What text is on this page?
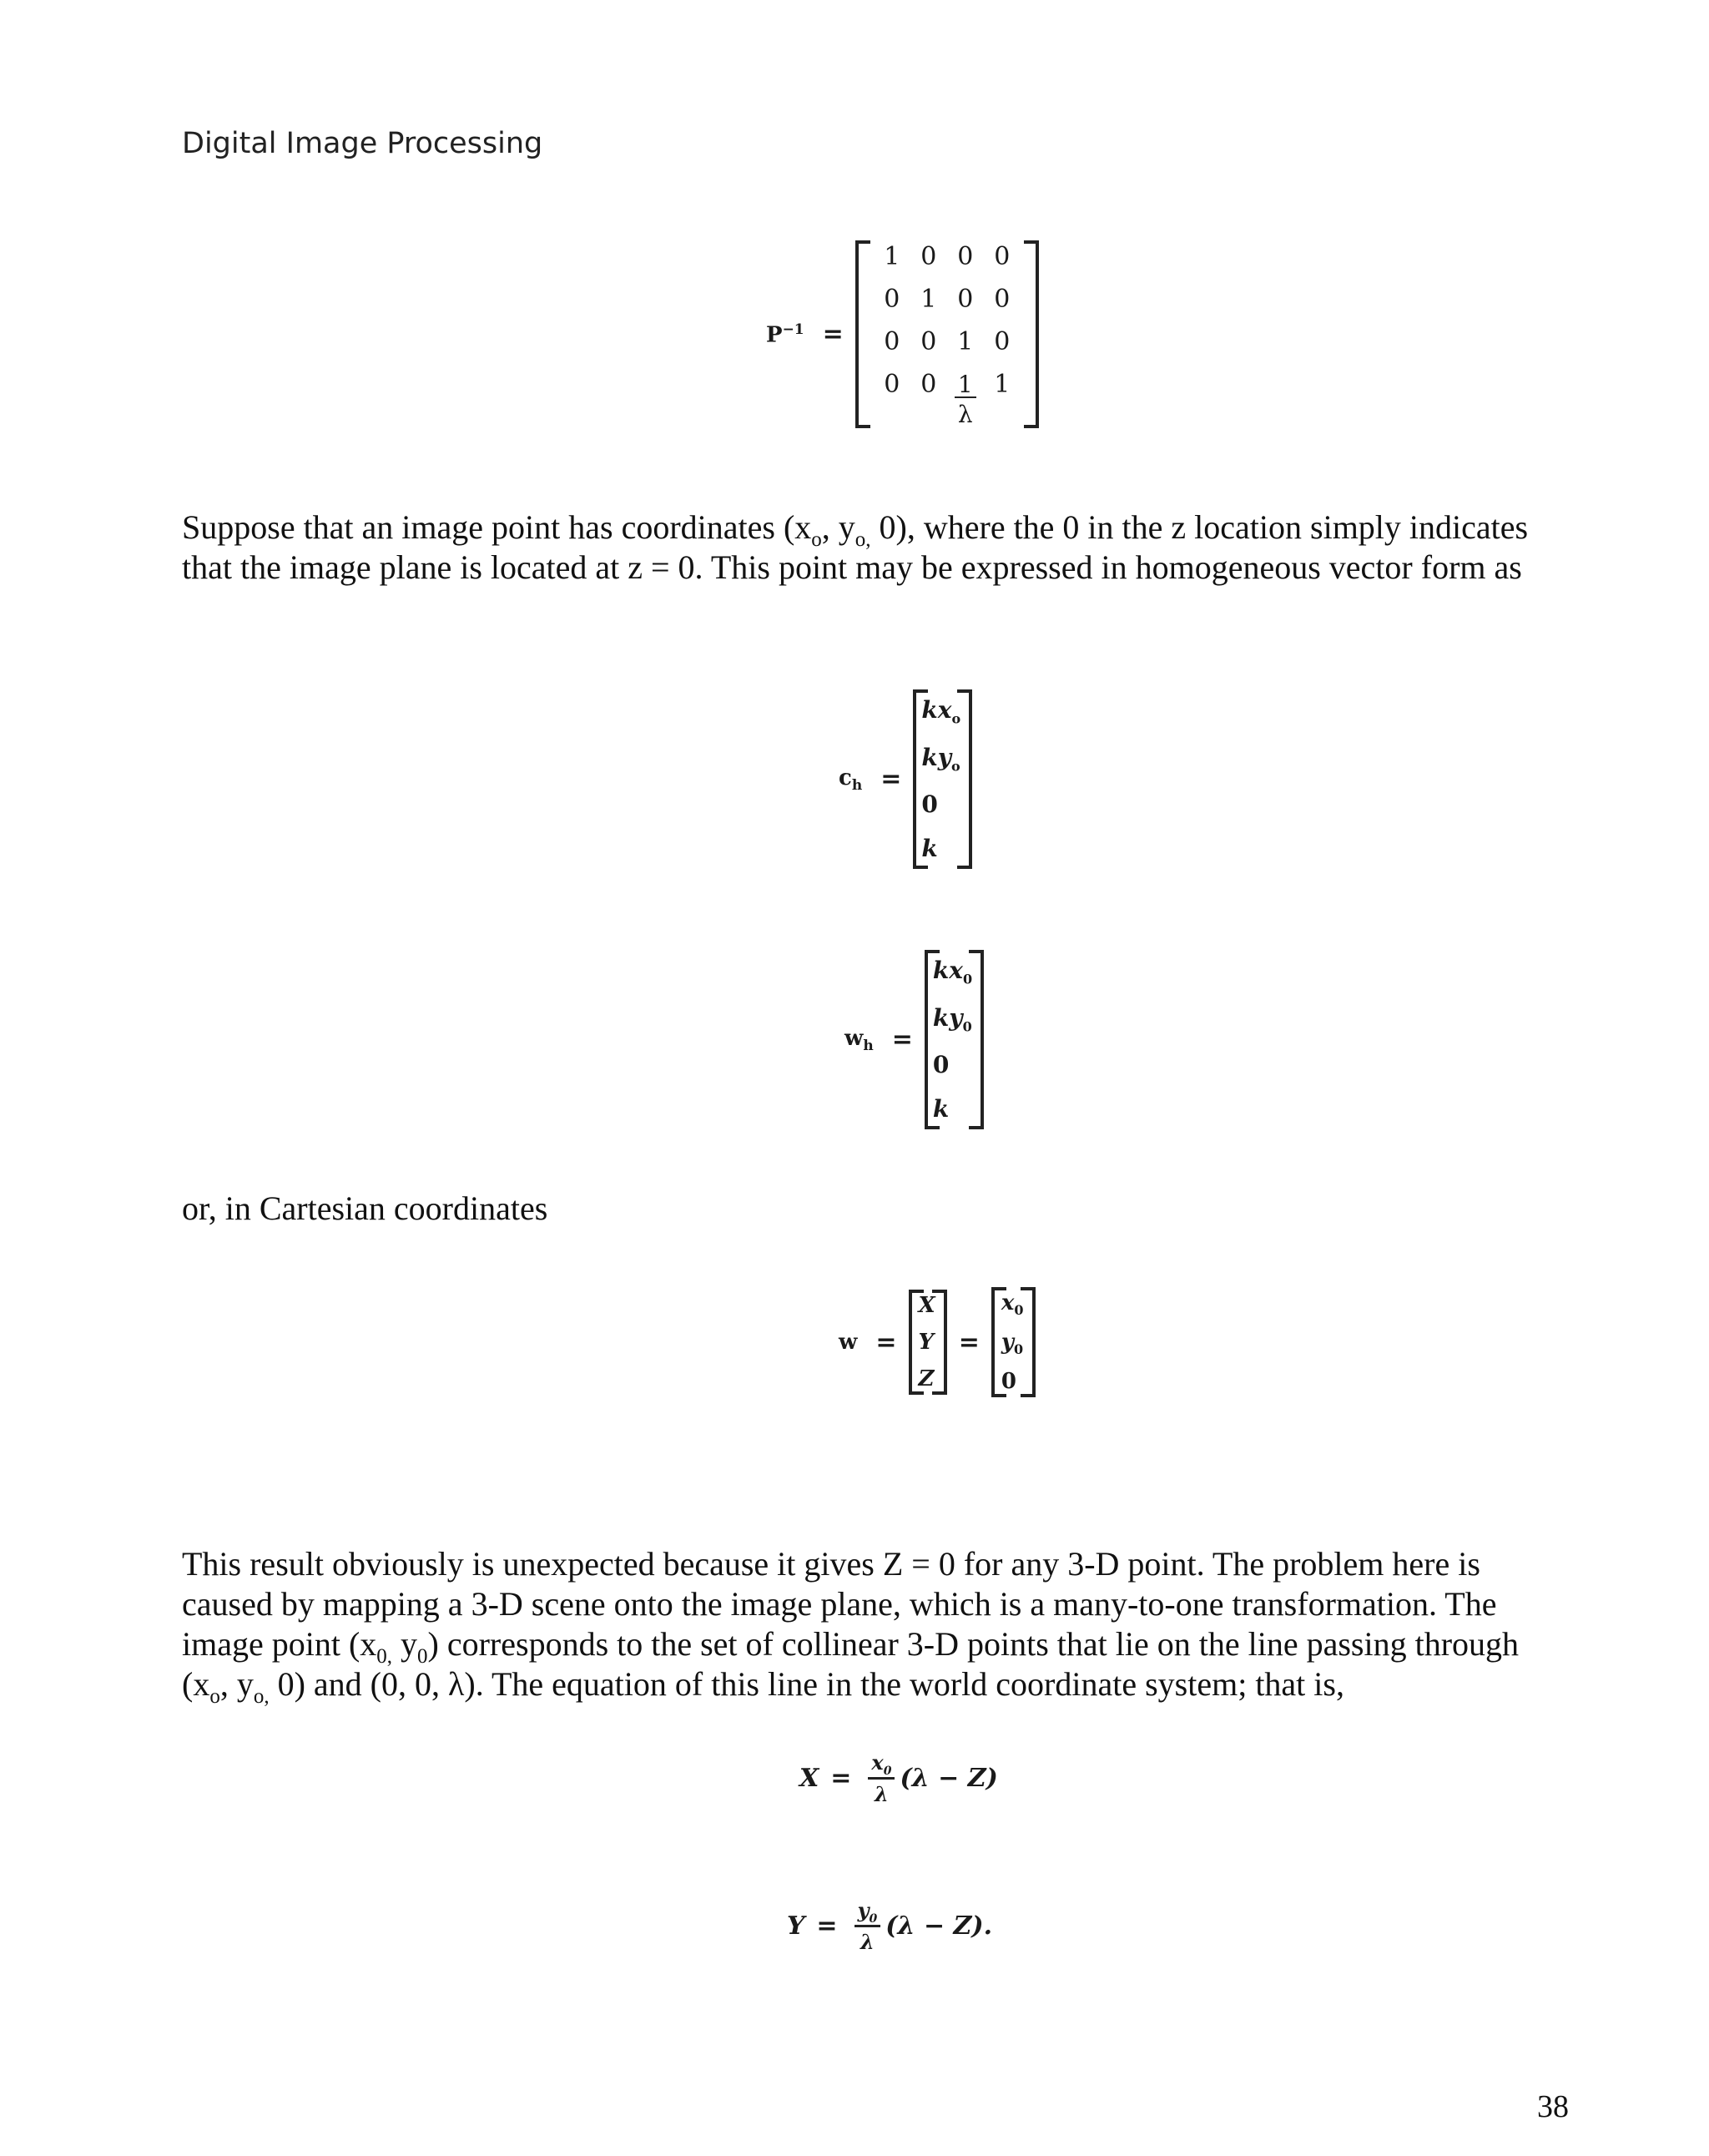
Digital Image Processing
$P^{-1}$ =
1 0 0 0
0 1 0 0
0 0 1 0
0 $0 \frac{1}{\lambda} 1$
Suppose that an image point has coordinates ($x_o$, $y_{o,}$ 0), where the 0 in the z location simply indicates that the image plane is located at z = 0. This point may be expressed in homogeneous vector form as
$c_h$ =
$kx_o$
$ky_o$
0
k
$w_h$ =
$kx_0$
$ky_0$
0
k
or, in Cartesian coordinates
w =
X
Y
Z
=
$x_0$
$y_0$
0
This result obviously is unexpected because it gives Z = 0 for any 3-D point. The problem here is caused by mapping a 3-D scene onto the image plane, which is a many-to-one transformation. The image point ($x_{0,}$ $y_0$) corresponds to the set of collinear 3-D points that lie on the line passing through ($x_o$, $y_{o,}$ 0) and (0, 0, λ). The equation of this line in the world coordinate system; that is,
$X = \frac{x_0}{\lambda} (\lambda - Z)$
$Y = \frac{y_0}{\lambda} (\lambda - Z)$.
38
